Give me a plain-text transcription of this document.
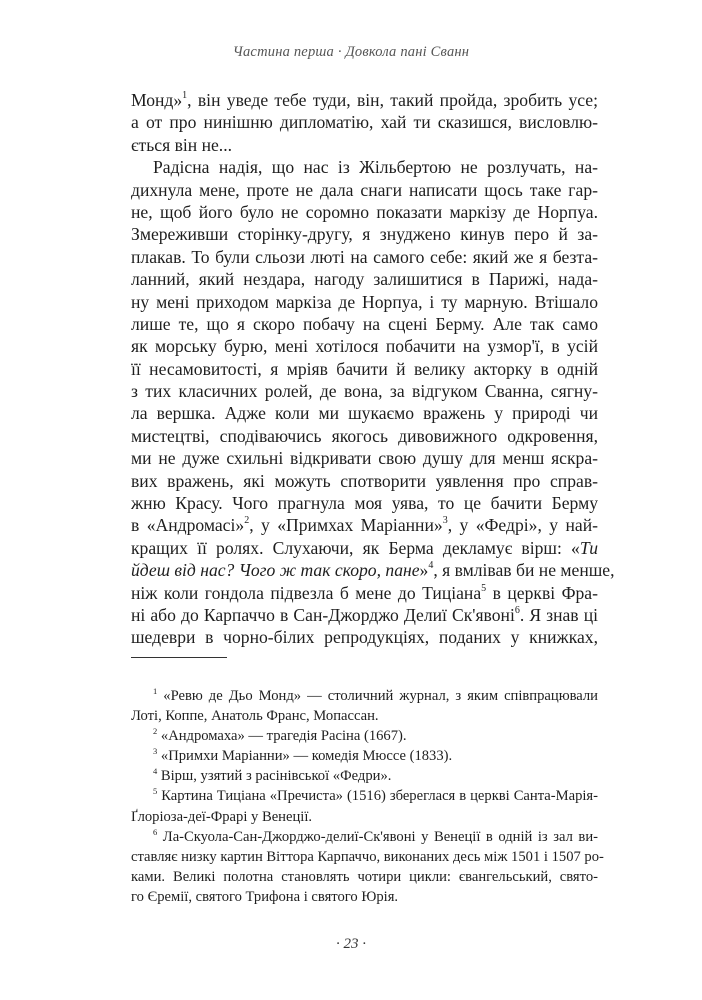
Частина перша · Довкола пані Сванн
Монд»$^1$, він уведе тебе туди, він, такий пройда, зробить усе;
а от про нинішню дипломатію, хай ти сказишся, висловлю-
ється він не...
Радісна надія, що нас із Жільбертою не розлучать, на-
дихнула мене, проте не дала снаги написати щось таке гар-
не, щоб його було не соромно показати маркізу де Норпуа.
Змереживши сторінку-другу, я знуджено кинув перо й за-
плакав. То були сльози люті на самого себе: який же я безта-
ланний, який нездара, нагоду залишитися в Парижі, нада-
ну мені приходом маркіза де Норпуа, і ту марную. Втішало
лише те, що я скоро побачу на сцені Берму. Але так само
як морську бурю, мені хотілося побачити на узмор'ї, в усій
її несамовитості, я мріяв бачити й велику акторку в одній
з тих класичних ролей, де вона, за відгуком Сванна, сягну-
ла вершка. Адже коли ми шукаємо вражень у природі чи
мистецтві, сподіваючись якогось дивовижного одкровення,
ми не дуже схильні відкривати свою душу для менш яскра-
вих вражень, які можуть спотворити уявлення про справ-
жню Красу. Чого прагнула моя уява, то це бачити Берму
в «Андромасі»$^2$, у «Примхах Маріанни»$^3$, у «Федрі», у най-
кращих її ролях. Слухаючи, як Берма декламує вірш: «Ти
йдеш від нас? Чого ж так скоро, пане»$^4$, я вмлівав би не менше,
ніж коли гондола підвезла б мене до Тиціана$^5$ в церкві Фра-
ні або до Карпаччо в Сан-Джорджо Делиї Ск'явоні$^6$. Я знав ці
шедеври в чорно-білих репродукціях, поданих у книжках,
$^1$ «Ревю де Дьо Монд» — столичний журнал, з яким співпрацювали
Лоті, Коппе, Анатоль Франс, Мопассан.
$^2$ «Андромаха» — трагедія Расіна (1667).
$^3$ «Примхи Маріанни» — комедія Мюссе (1833).
$^4$ Вірш, узятий з расінівської «Федри».
$^5$ Картина Тиціана «Пречиста» (1516) збереглася в церкві Санта-Марія-
Ґлоріоза-деї-Фрарі у Венеції.
$^6$ Ла-Скуола-Сан-Джорджо-делиї-Ск'явоні у Венеції в одній із зал ви-
ставляє низку картин Віттора Карпаччо, виконаних десь між 1501 і 1507 ро-
ками. Великі полотна становлять чотири цикли: євангельський, свято-
го Єремії, святого Трифона і святого Юрія.
· 23 ·
